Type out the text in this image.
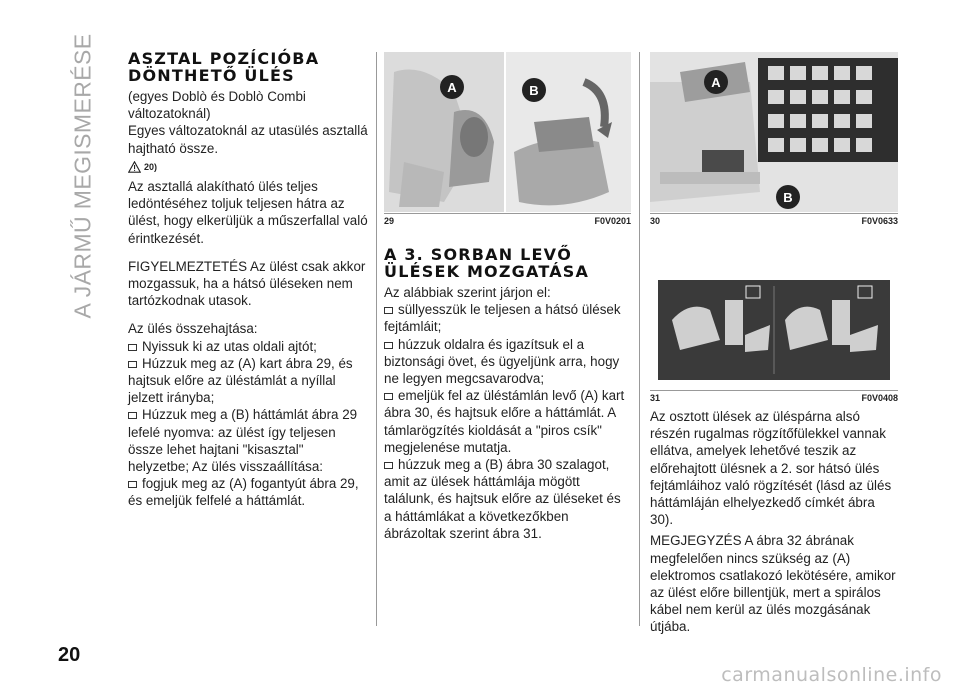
A JÁRMŰ MEGISMERÉSE
20
ASZTAL POZÍCIÓBA DÖNTHETŐ ÜLÉS

(egyes Doblò és Doblò Combi változatoknál)

Egyes változatoknál az utasülés asztallá hajtható össze.

20)

Az asztallá alakítható ülés teljes ledöntéséhez toljuk teljesen hátra az ülést, hogy elkerüljük a műszerfallal való érintkezését.

FIGYELMEZTETÉS Az ülést csak akkor mozgassuk, ha a hátsó üléseken nem tartózkodnak utasok.

Az ülés összehajtása:

Nyissuk ki az utas oldali ajtót;

Húzzuk meg az (A) kart ábra 29, és hajtsuk előre az üléstámlát a nyíllal jelzett irányba;

Húzzuk meg a (B) háttámlát ábra 29 lefelé nyomva: az ülést így teljesen össze lehet hajtani "kisasztal" helyzetbe; Az ülés visszaállítása:

fogjuk meg az (A) fogantyút ábra 29, és emeljük felfelé a háttámlát.

A	B
29	F0V0201
A 3. SORBAN LEVŐ ÜLÉSEK MOZGATÁSA

Az alábbiak szerint járjon el:

süllyesszük le teljesen a hátsó ülések fejtámláit;

húzzuk oldalra és igazítsuk el a biztonsági övet, és ügyeljünk arra, hogy ne legyen megcsavarodva;

emeljük fel az üléstámlán levő (A) kart ábra 30, és hajtsuk előre a háttámlát. A támlarögzítés kioldását a "piros csík" megjelenése mutatja.

húzzuk meg a (B) ábra 30 szalagot, amit az ülések háttámlája mögött találunk, és hajtsuk előre az üléseket és a háttámlákat a következőkben ábrázoltak szerint ábra 31.

A
B
30	F0V0633
31	F0V0408

Az osztott ülések az üléspárna alsó részén rugalmas rögzítőfülekkel vannak ellátva, amelyek lehetővé teszik az előrehajtott ülésnek a 2. sor hátsó ülés fejtámláihoz való rögzítését (lásd az ülés háttámláján elhelyezkedő címkét ábra 30).

MEGJEGYZÉS A ábra 32 ábrának megfelelően nincs szükség az (A) elektromos csatlakozó lekötésére, amikor az ülést előre billentjük, mert a spirálos kábel nem kerül az ülés mozgásának útjába.

carmanualsonline.info
